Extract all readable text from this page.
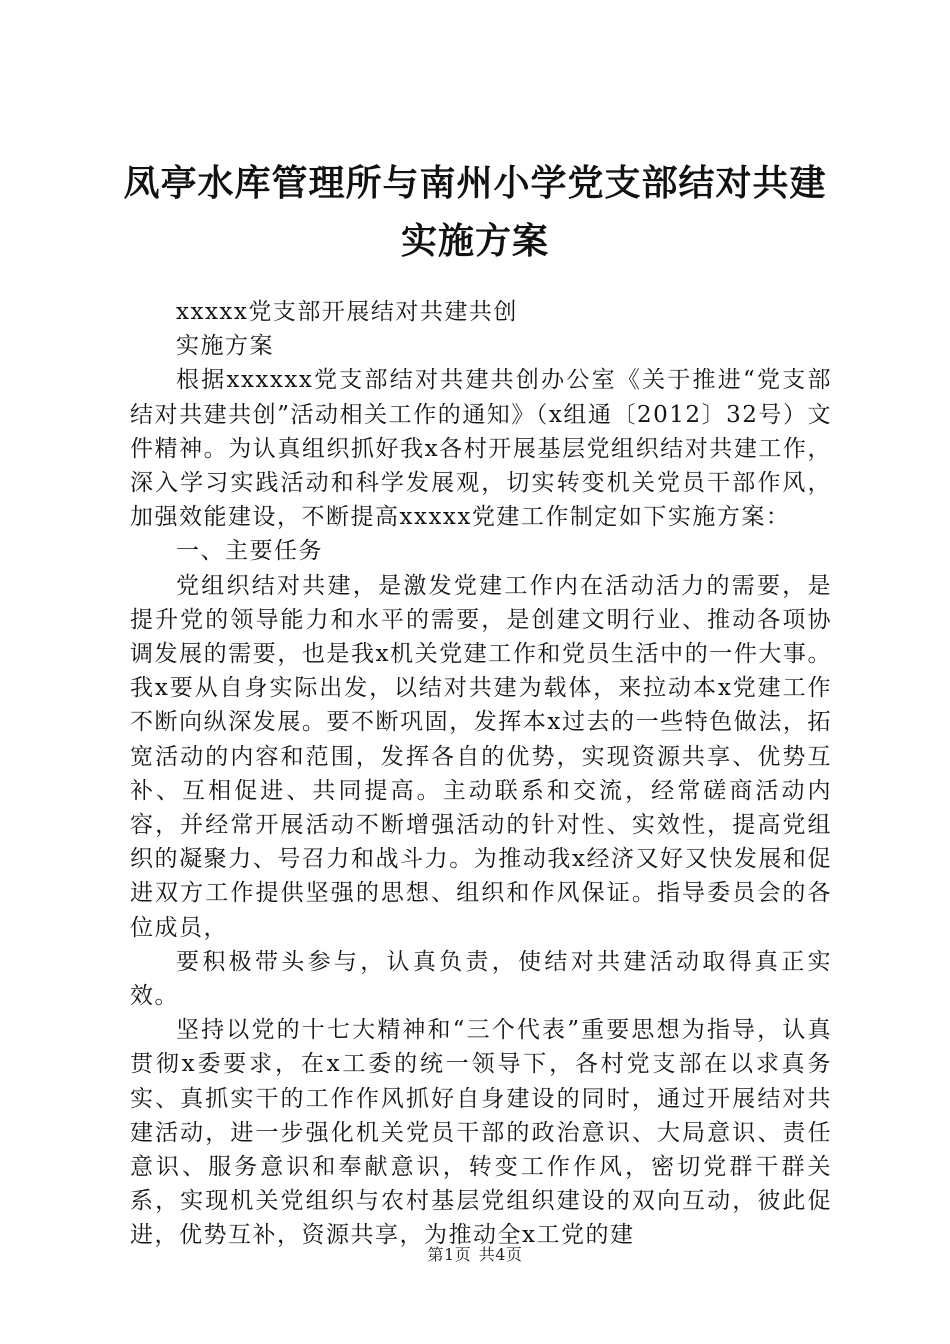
凤亭水库管理所与南州小学党支部结对共建实施方案

xxxxx党支部开展结对共建共创

实施方案

根据xxxxxx党支部结对共建共创办公室《关于推进“党支部结对共建共创”活动相关工作的通知》（x组通〔2012〕32号）文件精神。为认真组织抓好我x各村开展基层党组织结对共建工作，深入学习实践活动和科学发展观，切实转变机关党员干部作风，加强效能建设，不断提高xxxxx党建工作制定如下实施方案：

一、主要任务

党组织结对共建，是激发党建工作内在活动活力的需要，是提升党的领导能力和水平的需要，是创建文明行业、推动各项协调发展的需要，也是我x机关党建工作和党员生活中的一件大事。我x要从自身实际出发，以结对共建为载体，来拉动本x党建工作不断向纵深发展。要不断巩固，发挥本x过去的一些特色做法，拓宽活动的内容和范围，发挥各自的优势，实现资源共享、优势互补、互相促进、共同提高。主动联系和交流，经常磋商活动内容，并经常开展活动不断增强活动的针对性、实效性，提高党组织的凝聚力、号召力和战斗力。为推动我x经济又好又快发展和促进双方工作提供坚强的思想、组织和作风保证。指导委员会的各位成员，

要积极带头参与，认真负责，使结对共建活动取得真正实效。

坚持以党的十七大精神和“三个代表”重要思想为指导，认真贯彻x委要求，在x工委的统一领导下，各村党支部在以求真务实、真抓实干的工作作风抓好自身建设的同时，通过开展结对共建活动，进一步强化机关党员干部的政治意识、大局意识、责任意识、服务意识和奉献意识，转变工作作风，密切党群干群关系，实现机关党组织与农村基层党组织建设的双向互动，彼此促进，优势互补，资源共享，为推动全x工党的建

第1页 共4页
